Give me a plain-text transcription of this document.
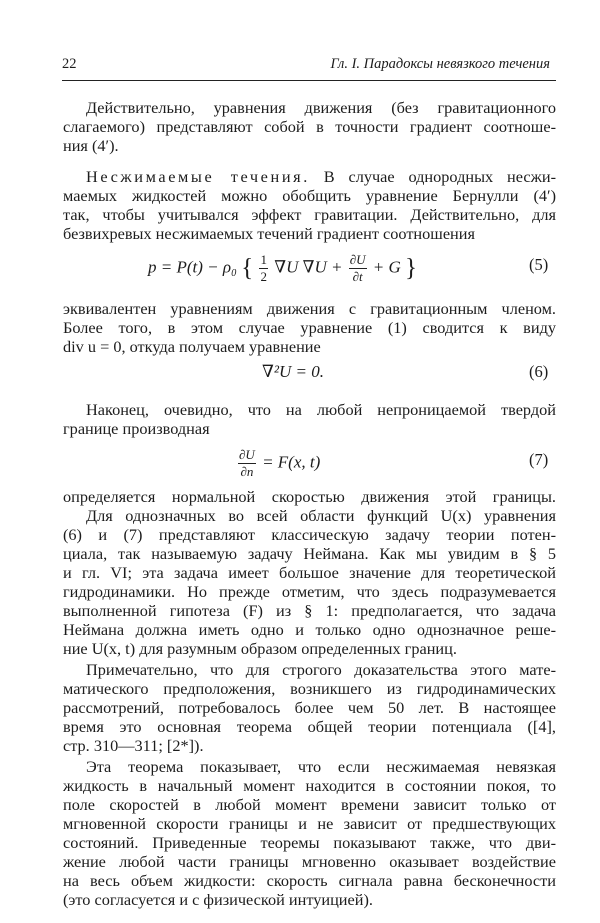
22	Гл. I. Парадоксы невязкого течения
Действительно, уравнения движения (без гравитационного
слагаемого) представляют собой в точности градиент соотноше-
ния (4′).
Несжимаемые течения. В случае однородных несжи-
маемых жидкостей можно обобщить уравнение Бернулли (4′)
так, чтобы учитывался эффект гравитации. Действительно, для
безвихревых несжимаемых течений градиент соотношения
p = P(t) − ρ₀ { $\frac{1}{2} \nabla U$ $\nabla U + \frac{\partial U}{\partial t} + G$ }	(5)
эквивалентен уравнениям движения с гравитационным членом.
Более того, в этом случае уравнение (1) сводится к виду
div u = 0, откуда получаем уравнение
∇²U = 0.	(6)
Наконец, очевидно, что на любой непроницаемой твердой
границе производная
$\frac{\partial U}{\partial n} = F(x$, t)	(7)
определяется нормальной скоростью движения этой границы.
Для однозначных во всей области функций U(x) уравнения
(6) и (7) представляют классическую задачу теории потен-
циала, так называемую задачу Неймана. Как мы увидим в § 5
и гл. VI; эта задача имеет большое значение для теоретической
гидродинамики. Но прежде отметим, что здесь подразумевается
выполненной гипотеза (F) из § 1: предполагается, что задача
Неймана должна иметь одно и только одно однозначное реше-
ние U(x, t) для разумным образом определенных границ.
Примечательно, что для строгого доказательства этого мате-
матического предположения, возникшего из гидродинамических
рассмотрений, потребовалось более чем 50 лет. В настоящее
время это основная теорема общей теории потенциала ([4],
стр. 310—311; [2*]).
Эта теорема показывает, что если несжимаемая невязкая
жидкость в начальный момент находится в состоянии покоя, то
поле скоростей в любой момент времени зависит только от
мгновенной скорости границы и не зависит от предшествующих
состояний. Приведенные теоремы показывают также, что дви-
жение любой части границы мгновенно оказывает воздействие
на весь объем жидкости: скорость сигнала равна бесконечности
(это согласуется и с физической интуицией).
